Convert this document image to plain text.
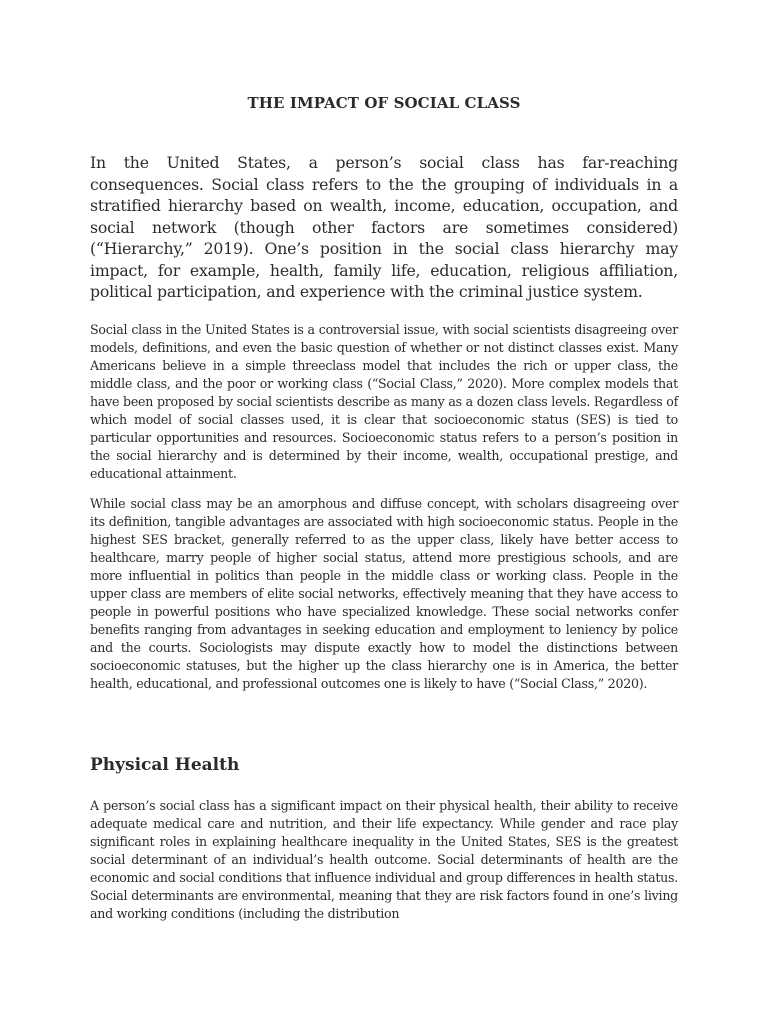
THE IMPACT OF SOCIAL CLASS

In the United States, a person’s social class has far-reaching consequences. Social class refers to the the grouping of individuals in a stratified hierarchy based on wealth, income, education, occupation, and social network (though other factors are sometimes considered) (“Hierarchy,” 2019). One’s position in the social class hierarchy may impact, for example, health, family life, education, religious affiliation, political participation, and experience with the criminal justice system.

Social class in the United States is a controversial issue, with social scientists disagreeing over models, definitions, and even the basic question of whether or not distinct classes exist. Many Americans believe in a simple threeclass model that includes the rich or upper class, the middle class, and the poor or working class (“Social Class,” 2020). More complex models that have been proposed by social scientists describe as many as a dozen class levels. Regardless of which model of social classes used, it is clear that socioeconomic status (SES) is tied to particular opportunities and resources. Socioeconomic status refers to a person’s position in the social hierarchy and is determined by their income, wealth, occupational prestige, and educational attainment.

While social class may be an amorphous and diffuse concept, with scholars disagreeing over its definition, tangible advantages are associated with high socioeconomic status. People in the highest SES bracket, generally referred to as the upper class, likely have better access to healthcare, marry people of higher social status, attend more prestigious schools, and are more influential in politics than people in the middle class or working class. People in the upper class are members of elite social networks, effectively meaning that they have access to people in powerful positions who have specialized knowledge. These social networks confer benefits ranging from advantages in seeking education and employment to leniency by police and the courts. Sociologists may dispute exactly how to model the distinctions between socioeconomic statuses, but the higher up the class hierarchy one is in America, the better health, educational, and professional outcomes one is likely to have (“Social Class,” 2020).

Physical Health

A person’s social class has a significant impact on their physical health, their ability to receive adequate medical care and nutrition, and their life expectancy. While gender and race play significant roles in explaining healthcare inequality in the United States, SES is the greatest social determinant of an individual’s health outcome. Social determinants of health are the economic and social conditions that influence individual and group differences in health status. Social determinants are environmental, meaning that they are risk factors found in one’s living and working conditions (including the distribution
